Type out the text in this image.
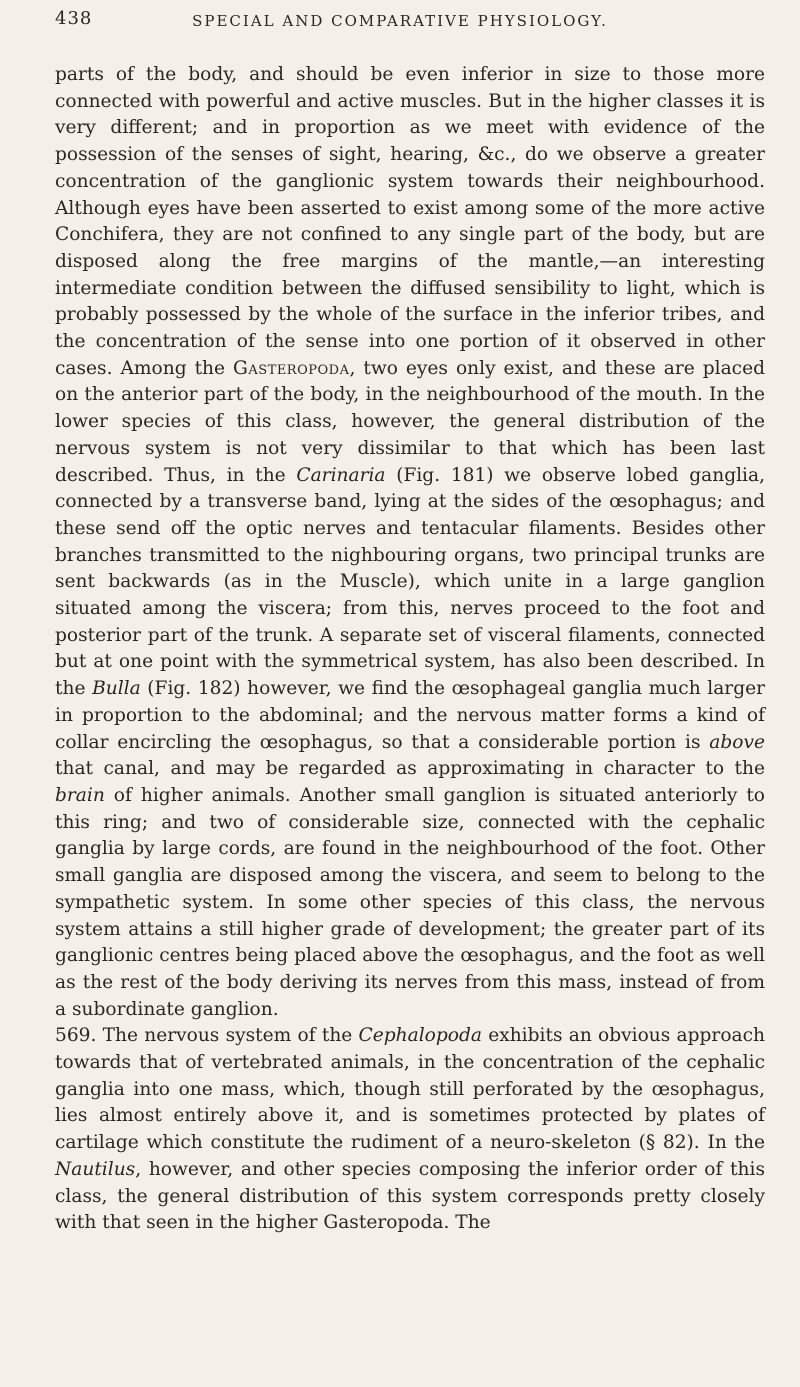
438	SPECIAL AND COMPARATIVE PHYSIOLOGY.

parts of the body, and should be even inferior in size to those more connected with powerful and active muscles. But in the higher classes it is very different; and in proportion as we meet with evidence of the possession of the senses of sight, hearing, &c., do we observe a greater concentration of the ganglionic system towards their neighbourhood. Although eyes have been asserted to exist among some of the more active Conchifera, they are not confined to any single part of the body, but are disposed along the free margins of the mantle,—an interesting intermediate condition between the diffused sensibility to light, which is probably possessed by the whole of the surface in the inferior tribes, and the concentration of the sense into one portion of it observed in other cases. Among the Gasteropoda, two eyes only exist, and these are placed on the anterior part of the body, in the neighbourhood of the mouth. In the lower species of this class, however, the general distribution of the nervous system is not very dissimilar to that which has been last described. Thus, in the Carinaria (Fig. 181) we observe lobed ganglia, connected by a transverse band, lying at the sides of the œsophagus; and these send off the optic nerves and tentacular filaments. Besides other branches transmitted to the nighbouring organs, two principal trunks are sent backwards (as in the Muscle), which unite in a large ganglion situated among the viscera; from this, nerves proceed to the foot and posterior part of the trunk. A separate set of visceral filaments, connected but at one point with the symmetrical system, has also been described. In the Bulla (Fig. 182) however, we find the œsophageal ganglia much larger in proportion to the abdominal; and the nervous matter forms a kind of collar encircling the œsophagus, so that a considerable portion is above that canal, and may be regarded as approximating in character to the brain of higher animals. Another small ganglion is situated anteriorly to this ring; and two of considerable size, connected with the cephalic ganglia by large cords, are found in the neighbourhood of the foot. Other small ganglia are disposed among the viscera, and seem to belong to the sympathetic system. In some other species of this class, the nervous system attains a still higher grade of development; the greater part of its ganglionic centres being placed above the œsophagus, and the foot as well as the rest of the body deriving its nerves from this mass, instead of from a subordinate ganglion.

569. The nervous system of the Cephalopoda exhibits an obvious approach towards that of vertebrated animals, in the concentration of the cephalic ganglia into one mass, which, though still perforated by the œsophagus, lies almost entirely above it, and is sometimes protected by plates of cartilage which constitute the rudiment of a neuro-skeleton (§ 82). In the Nautilus, however, and other species composing the inferior order of this class, the general distribution of this system corresponds pretty closely with that seen in the higher Gasteropoda. The
